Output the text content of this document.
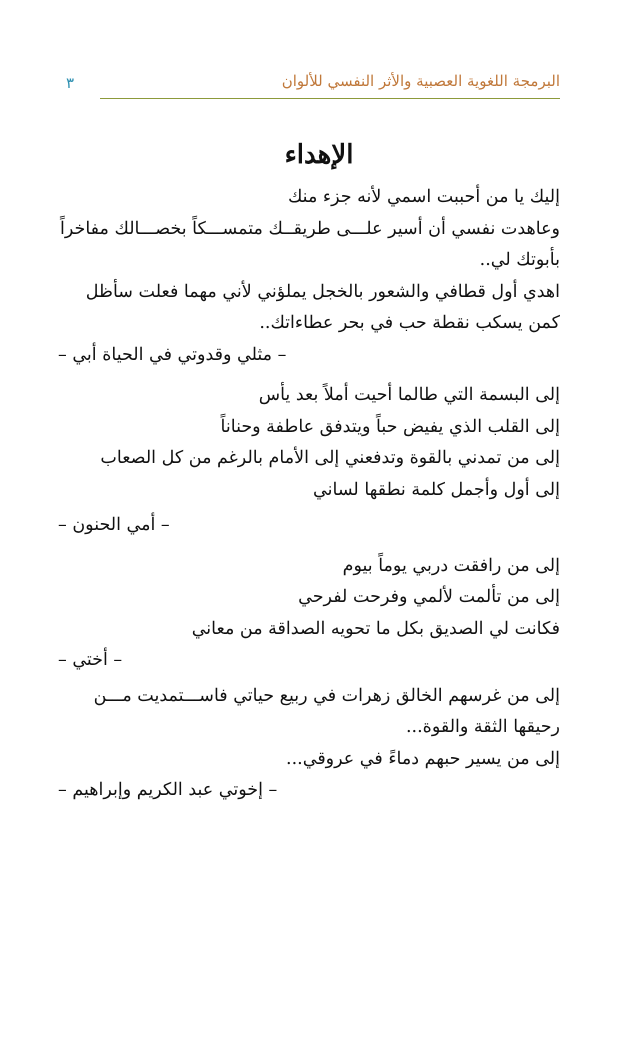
البرمجة اللغوية العصبية والأثر النفسي للألوان
٣
الإهداء
إليك يا من أحببت اسمي لأنه جزء منك
وعاهدت نفسي أن أسير علـــى طريقــك متمســـكاً بخصـــالك مفاخراً بأبوتك لي..
اهدي أول قطافي والشعور بالخجل يملؤني لأني مهما فعلت سأظل كمن يسكب نقطة حب في بحر عطاءاتك..
– مثلي وقدوتي في الحياة أبي –
إلى البسمة التي طالما أحيت أملاً بعد يأس
إلى القلب الذي يفيض حباً ويتدفق عاطفة وحناناً
إلى من تمدني بالقوة وتدفعني إلى الأمام بالرغم من كل الصعاب
إلى أول وأجمل كلمة نطقها لساني
– أمي الحنون –
إلى من رافقت دربي يوماً بيوم
إلى من تألمت لألمي وفرحت لفرحي
فكانت لي الصديق بكل ما تحويه الصداقة من معاني
– أختي –
إلى من غرسهم الخالق زهرات في ربيع حياتي فاســـتمديت مـــن رحيقها الثقة والقوة...
إلى من يسير حبهم دماءً في عروقي...
– إخوتي عبد الكريم وإبراهيم –
